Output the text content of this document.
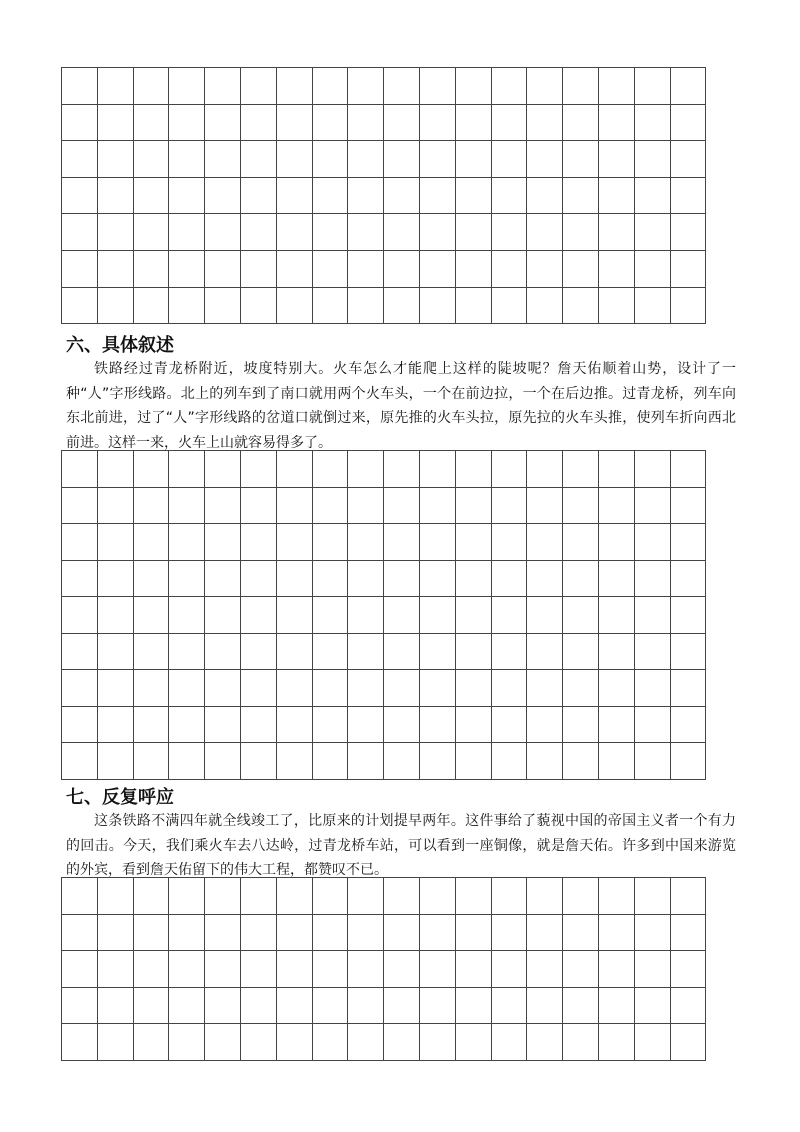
六、具体叙述

铁路经过青龙桥附近，坡度特别大。火车怎么才能爬上这样的陡坡呢？詹天佑顺着山势，设计了一种“人”字形线路。北上的列车到了南口就用两个火车头，一个在前边拉，一个在后边推。过青龙桥，列车向东北前进，过了“人”字形线路的岔道口就倒过来，原先推的火车头拉，原先拉的火车头推，使列车折向西北前进。这样一来，火车上山就容易得多了。

七、反复呼应

这条铁路不满四年就全线竣工了，比原来的计划提早两年。这件事给了藐视中国的帝国主义者一个有力的回击。今天，我们乘火车去八达岭，过青龙桥车站，可以看到一座铜像，就是詹天佑。许多到中国来游览的外宾，看到詹天佑留下的伟大工程，都赞叹不已。
